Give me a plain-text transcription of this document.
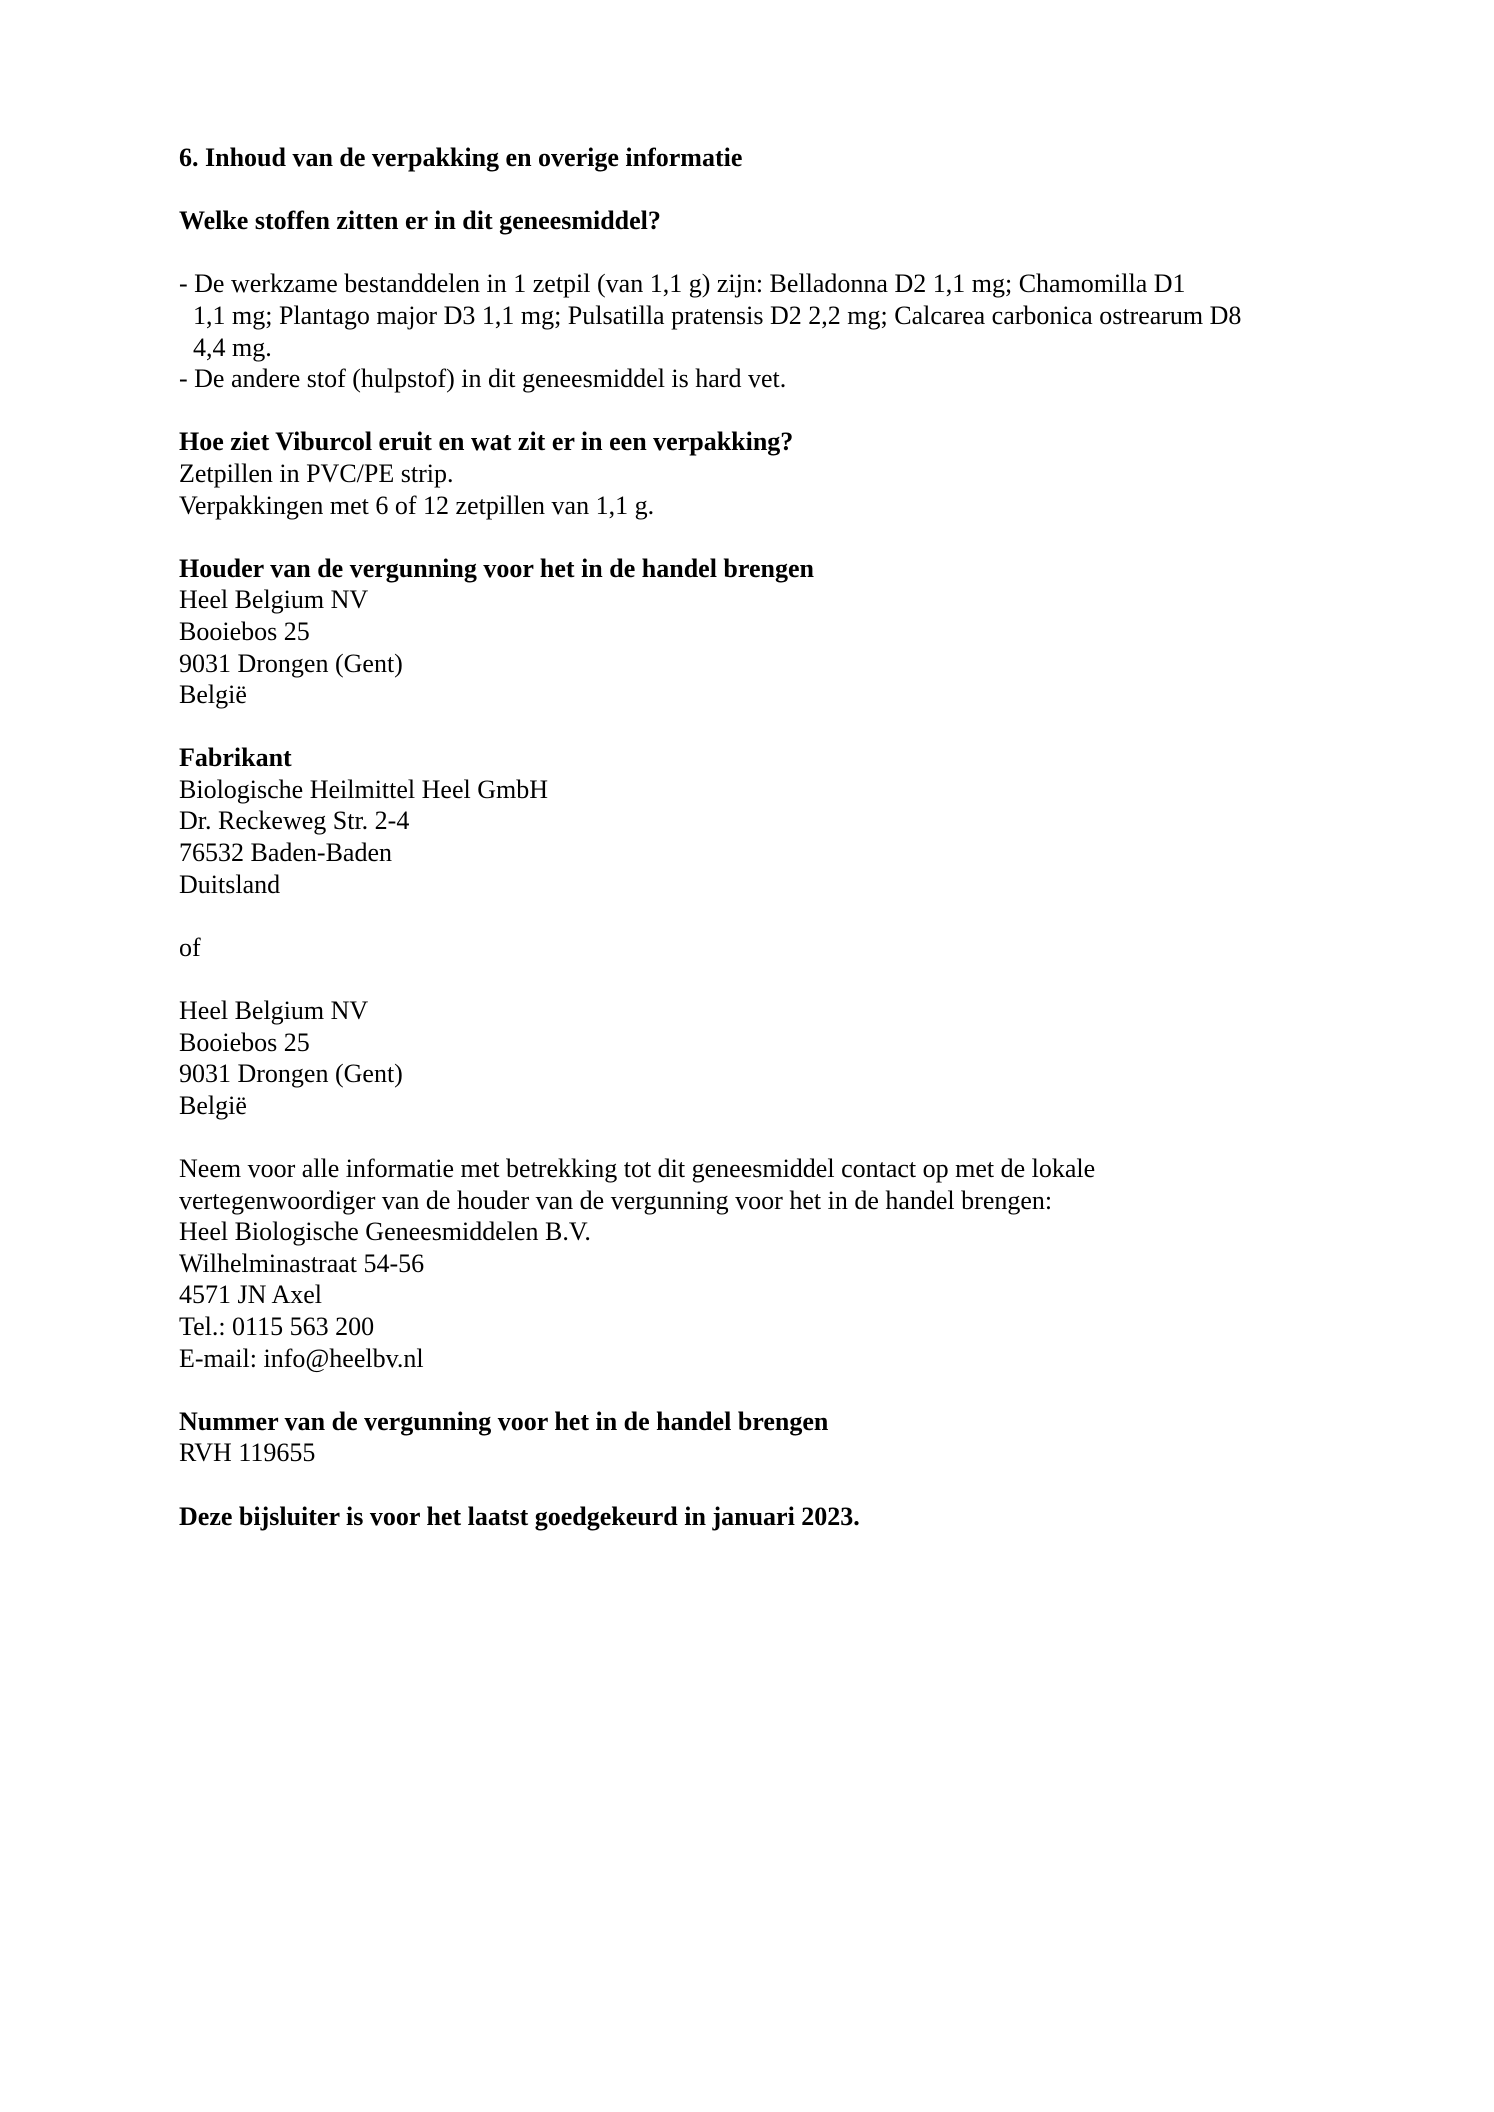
6. Inhoud van de verpakking en overige informatie
Welke stoffen zitten er in dit geneesmiddel?
- De werkzame bestanddelen in 1 zetpil (van 1,1 g) zijn: Belladonna D2 1,1 mg; Chamomilla D1
1,1 mg; Plantago major D3 1,1 mg; Pulsatilla pratensis D2 2,2 mg; Calcarea carbonica ostrearum D8
4,4 mg.
- De andere stof (hulpstof) in dit geneesmiddel is hard vet.
Hoe ziet Viburcol eruit en wat zit er in een verpakking?
Zetpillen in PVC/PE strip.
Verpakkingen met 6 of 12 zetpillen van 1,1 g.
Houder van de vergunning voor het in de handel brengen
Heel Belgium NV
Booiebos 25
9031 Drongen (Gent)
België
Fabrikant
Biologische Heilmittel Heel GmbH
Dr. Reckeweg Str. 2-4
76532 Baden-Baden
Duitsland
of
Heel Belgium NV
Booiebos 25
9031 Drongen (Gent)
België
Neem voor alle informatie met betrekking tot dit geneesmiddel contact op met de lokale
vertegenwoordiger van de houder van de vergunning voor het in de handel brengen:
Heel Biologische Geneesmiddelen B.V.
Wilhelminastraat 54-56
4571 JN Axel
Tel.: 0115 563 200
E-mail: info@heelbv.nl
Nummer van de vergunning voor het in de handel brengen
RVH 119655
Deze bijsluiter is voor het laatst goedgekeurd in januari 2023.
